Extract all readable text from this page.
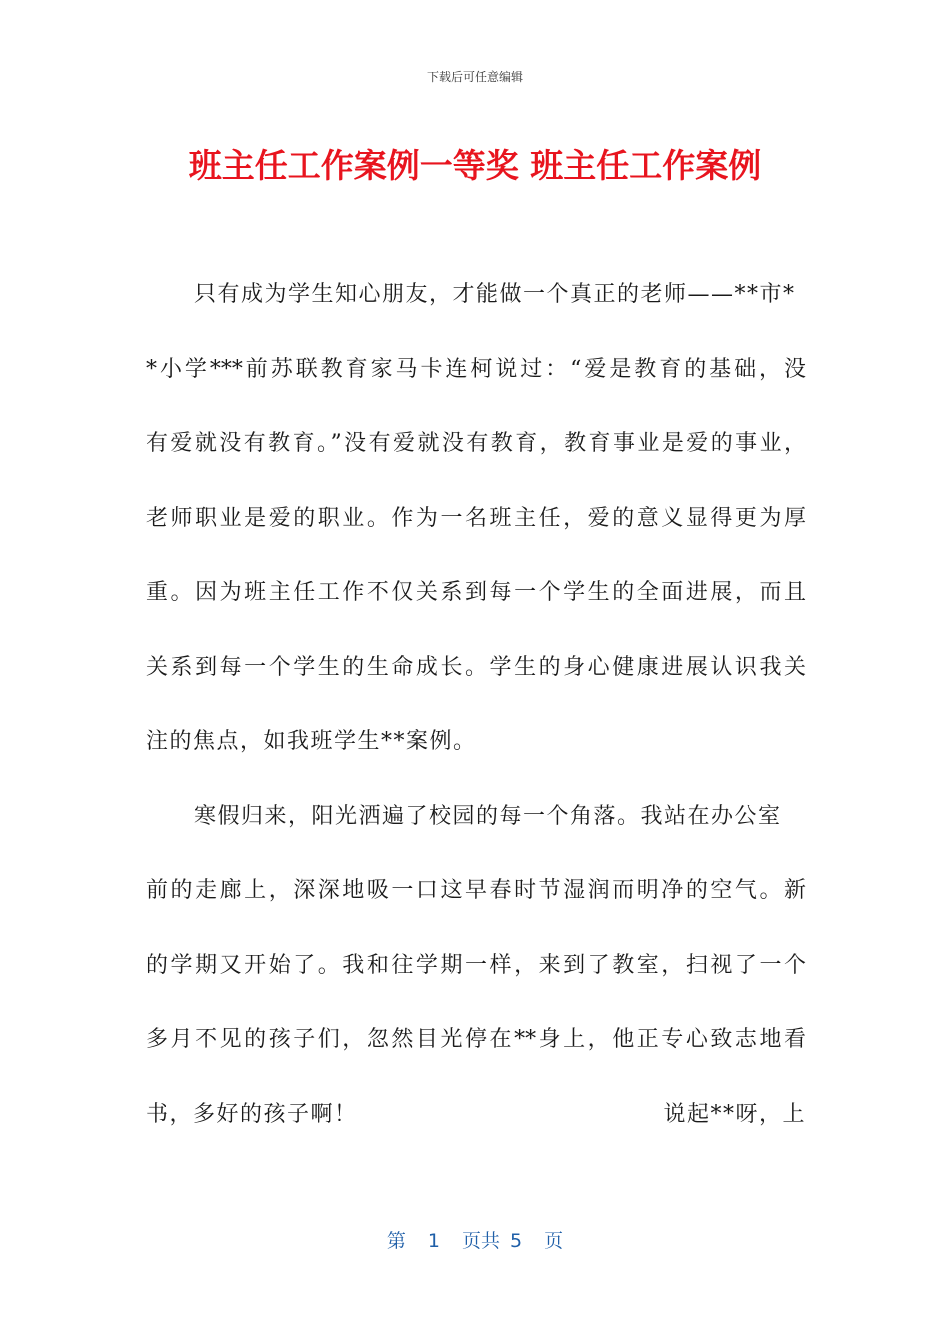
下载后可任意编辑
班主任工作案例一等奖 班主任工作案例
只有成为学生知心朋友，才能做一个真正的老师——**市*
*小学***前苏联教育家马卡连柯说过：“爱是教育的基础，没
有爱就没有教育。”没有爱就没有教育，教育事业是爱的事业，
老师职业是爱的职业。作为一名班主任，爱的意义显得更为厚
重。因为班主任工作不仅关系到每一个学生的全面进展，而且
关系到每一个学生的生命成长。学生的身心健康进展认识我关
注的焦点，如我班学生**案例。
寒假归来，阳光洒遍了校园的每一个角落。我站在办公室
前的走廊上，深深地吸一口这早春时节湿润而明净的空气。新
的学期又开始了。我和往学期一样，来到了教室，扫视了一个
多月不见的孩子们，忽然目光停在**身上，他正专心致志地看
书，多好的孩子啊！	说起**呀，上
第 1 页共 5 页
